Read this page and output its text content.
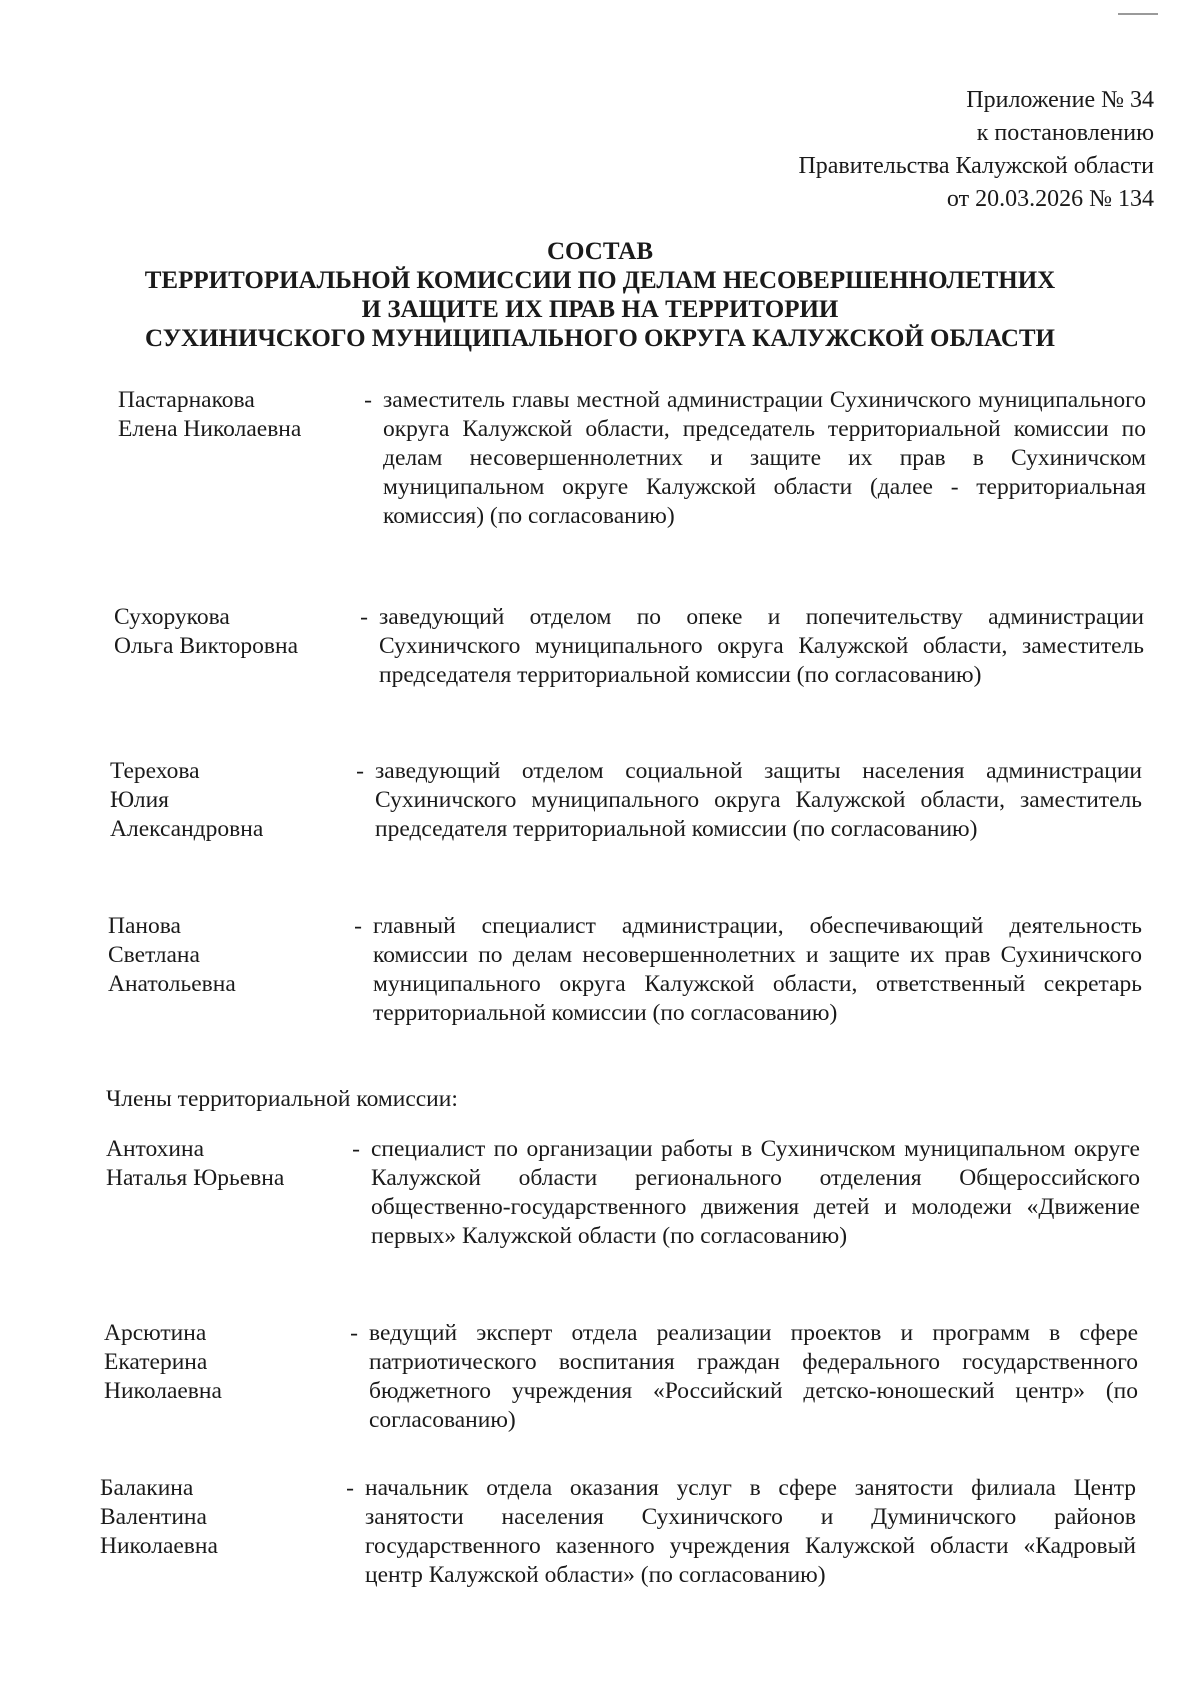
Приложение № 34
к постановлению
Правительства Калужской области
от 20.03.2026 № 134
СОСТАВ
ТЕРРИТОРИАЛЬНОЙ КОМИССИИ ПО ДЕЛАМ НЕСОВЕРШЕННОЛЕТНИХ
И ЗАЩИТЕ ИХ ПРАВ НА ТЕРРИТОРИИ
СУХИНИЧСКОГО МУНИЦИПАЛЬНОГО ОКРУГА КАЛУЖСКОЙ ОБЛАСТИ
Пастарнакова
Елена Николаевна
- заместитель главы местной администрации Сухиничского муниципального округа Калужской области, председатель территориальной комиссии по делам несовершеннолетних и защите их прав в Сухиничском муниципальном округе Калужской области (далее - территориальная комиссия) (по согласованию)
Сухорукова
Ольга Викторовна
- заведующий отделом по опеке и попечительству администрации Сухиничского муниципального округа Калужской области, заместитель председателя территориальной комиссии (по согласованию)
Терехова
Юлия
Александровна
- заведующий отделом социальной защиты населения администрации Сухиничского муниципального округа Калужской области, заместитель председателя территориальной комиссии (по согласованию)
Панова
Светлана
Анатольевна
- главный специалист администрации, обеспечивающий деятельность комиссии по делам несовершеннолетних и защите их прав Сухиничского муниципального округа Калужской области, ответственный секретарь территориальной комиссии (по согласованию)
Члены территориальной комиссии:
Антохина
Наталья Юрьевна
- специалист по организации работы в Сухиничском муниципальном округе Калужской области регионального отделения Общероссийского общественно-государственного движения детей и молодежи «Движение первых» Калужской области (по согласованию)
Арсютина
Екатерина
Николаевна
- ведущий эксперт отдела реализации проектов и программ в сфере патриотического воспитания граждан федерального государственного бюджетного учреждения «Российский детско-юношеский центр» (по согласованию)
Балакина
Валентина
Николаевна
- начальник отдела оказания услуг в сфере занятости филиала Центр занятости населения Сухиничского и Думиничского районов государственного казенного учреждения Калужской области «Кадровый центр Калужской области» (по согласованию)
